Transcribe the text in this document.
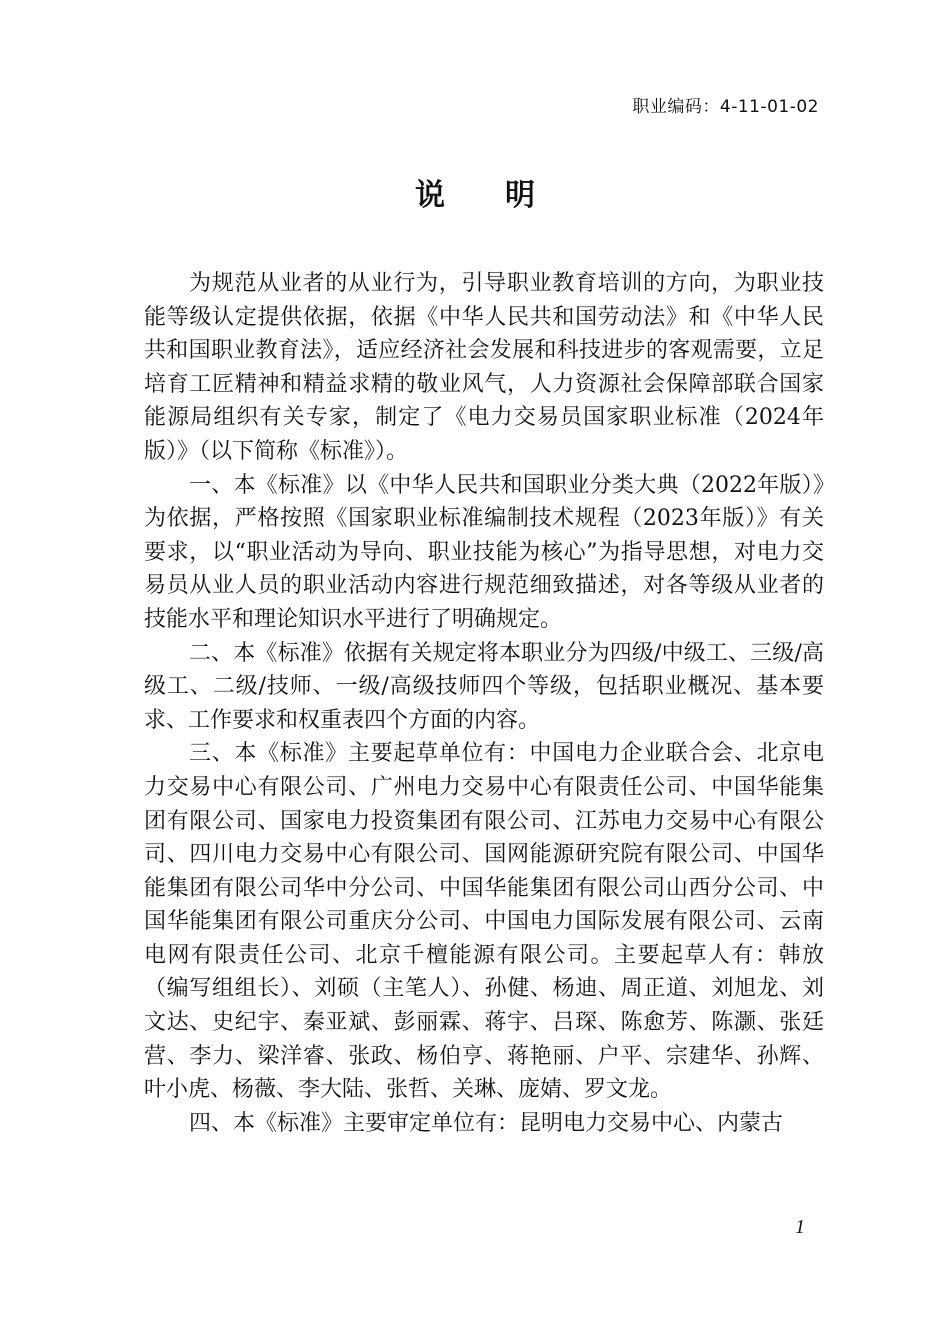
职业编码：4-11-01-02
说明

为规范从业者的从业行为，引导职业教育培训的方向，为职业技能等级认定提供依据，依据《中华人民共和国劳动法》和《中华人民共和国职业教育法》，适应经济社会发展和科技进步的客观需要，立足培育工匠精神和精益求精的敬业风气，人力资源社会保障部联合国家能源局组织有关专家，制定了《电力交易员国家职业标准（2024年版）》（以下简称《标准》）。

一、本《标准》以《中华人民共和国职业分类大典（2022年版）》为依据，严格按照《国家职业标准编制技术规程（2023年版）》有关要求，以“职业活动为导向、职业技能为核心”为指导思想，对电力交易员从业人员的职业活动内容进行规范细致描述，对各等级从业者的技能水平和理论知识水平进行了明确规定。

二、本《标准》依据有关规定将本职业分为四级/中级工、三级/高级工、二级/技师、一级/高级技师四个等级，包括职业概况、基本要求、工作要求和权重表四个方面的内容。

三、本《标准》主要起草单位有：中国电力企业联合会、北京电力交易中心有限公司、广州电力交易中心有限责任公司、中国华能集团有限公司、国家电力投资集团有限公司、江苏电力交易中心有限公司、四川电力交易中心有限公司、国网能源研究院有限公司、中国华能集团有限公司华中分公司、中国华能集团有限公司山西分公司、中国华能集团有限公司重庆分公司、中国电力国际发展有限公司、云南电网有限责任公司、北京千檀能源有限公司。主要起草人有：韩放（编写组组长）、刘硕（主笔人）、孙健、杨迪、周正道、刘旭龙、刘文达、史纪宇、秦亚斌、彭丽霖、蒋宇、吕琛、陈愈芳、陈灏、张廷营、李力、梁洋睿、张政、杨伯亨、蒋艳丽、户平、宗建华、孙辉、叶小虎、杨薇、李大陆、张哲、关琳、庞婧、罗文龙。

四、本《标准》主要审定单位有：昆明电力交易中心、内蒙古

1
